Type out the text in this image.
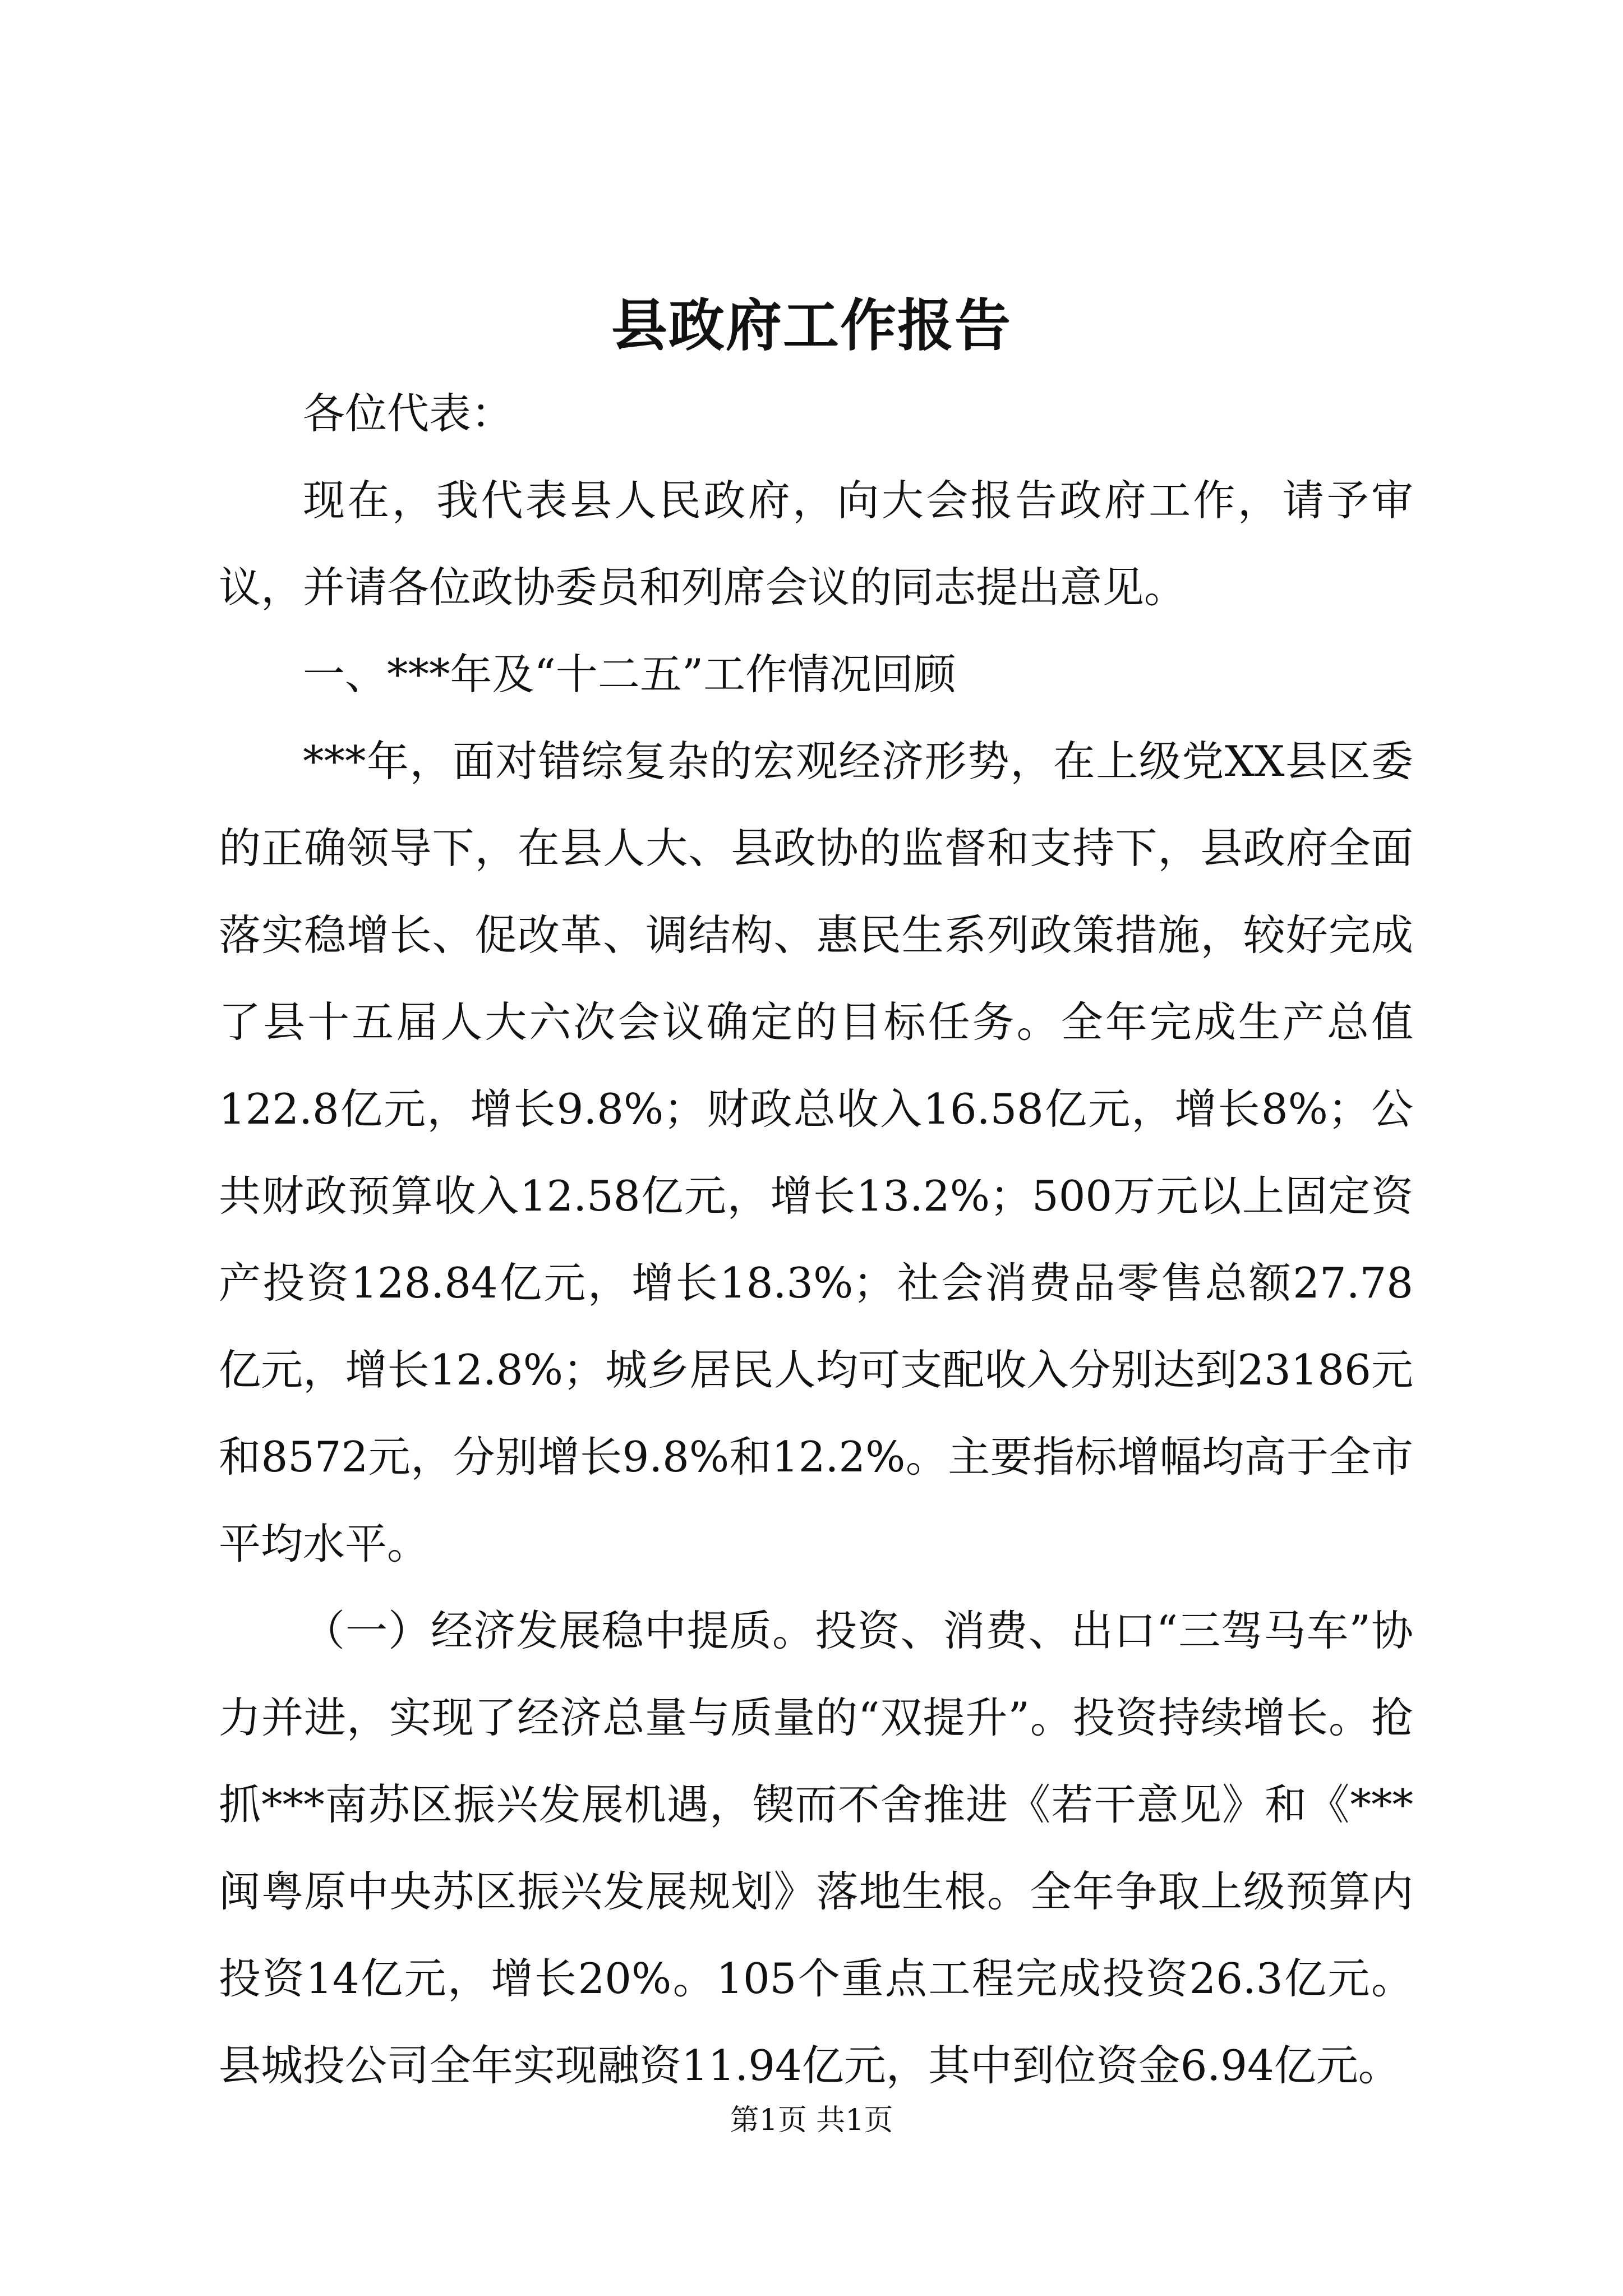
县政府工作报告

各位代表：

现在，我代表县人民政府，向大会报告政府工作，请予审议，并请各位政协委员和列席会议的同志提出意见。

一、***年及“十二五”工作情况回顾

***年，面对错综复杂的宏观经济形势，在上级党XX县区委的正确领导下，在县人大、县政协的监督和支持下，县政府全面落实稳增长、促改革、调结构、惠民生系列政策措施，较好完成了县十五届人大六次会议确定的目标任务。全年完成生产总值122.8亿元，增长9.8%；财政总收入16.58亿元，增长8%；公共财政预算收入12.58亿元，增长13.2%；500万元以上固定资产投资128.84亿元，增长18.3%；社会消费品零售总额27.78亿元，增长12.8%；城乡居民人均可支配收入分别达到23186元和8572元，分别增长9.8%和12.2%。主要指标增幅均高于全市平均水平。

（一）经济发展稳中提质。投资、消费、出口“三驾马车”协力并进，实现了经济总量与质量的“双提升”。投资持续增长。抢抓***南苏区振兴发展机遇，锲而不舍推进《若干意见》和《***闽粤原中央苏区振兴发展规划》落地生根。全年争取上级预算内投资14亿元，增长20%。105个重点工程完成投资26.3亿元。县城投公司全年实现融资11.94亿元，其中到位资金6.94亿元。

第1页 共1页
